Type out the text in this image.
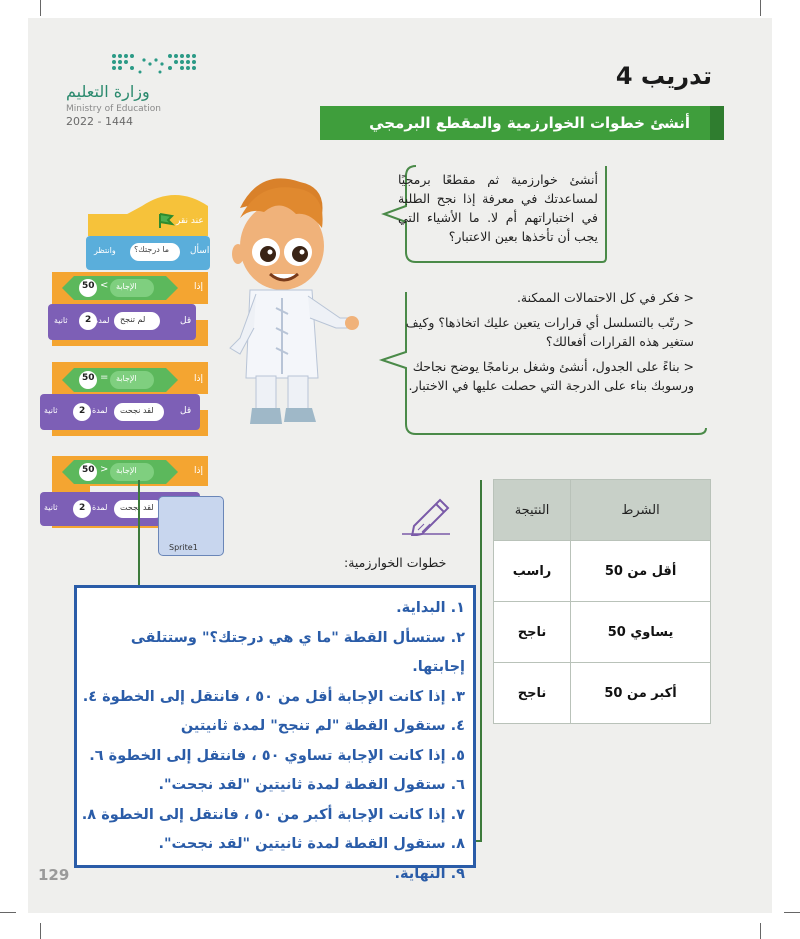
وزارة التعليم
Ministry of Education
2022 - 1444
تدريب 4
أنشئ خطوات الخوارزمية والمقطع البرمجي
أنشئ خوارزمية ثم مقطعًا برمجيًا لمساعدتك في معرفة إذا نجح الطلبة في اختباراتهم أم لا. ما الأشياء التي يجب أن تأخذها بعين الاعتبار؟
< فكر في كل الاحتمالات الممكنة.
< رتّب بالتسلسل أي قرارات يتعين عليك اتخاذها؟ وكيف ستغير هذه القرارات أفعالك؟
< بناءً على الجدول، أنشئ وشغل برنامجًا يوضح نجاحك ورسوبك بناء على الدرجة التي حصلت عليها في الاختبار.
عند نقر
اسأل
ما درجتك؟
وانتظر
إذا
50 < الإجابة
قل
لم تنجح
لمدة
2
ثانية
إذا
50 = الإجابة
قل
لقد نجحت
لمدة
2
ثانية
إذا
50 > الإجابة
لقد نجحت
لمدة
2
ثانية
Sprite1
الشرط	النتيجة
أقل من 50	راسب
يساوي 50	ناجح
أكبر من 50	ناجح
خطوات الخوارزمية:
١. البداية.
٢. ستسأل القطة "ما ي هي درجتك؟" وستتلقى إجابتها.
٣. إذا كانت الإجابة أقل من ٥٠ ، فانتقل إلى الخطوة ٤.
٤. ستقول القطة "لم تنجح" لمدة ثانيتين
٥. إذا كانت الإجابة تساوي ٥٠ ، فانتقل إلى الخطوة ٦.
٦. ستقول القطة لمدة ثانيتين "لقد نجحت".
٧. إذا كانت الإجابة أكبر من ٥٠ ، فانتقل إلى الخطوة ٨.
٨. ستقول القطة لمدة ثانيتين "لقد نجحت".
٩. النهاية.
129
